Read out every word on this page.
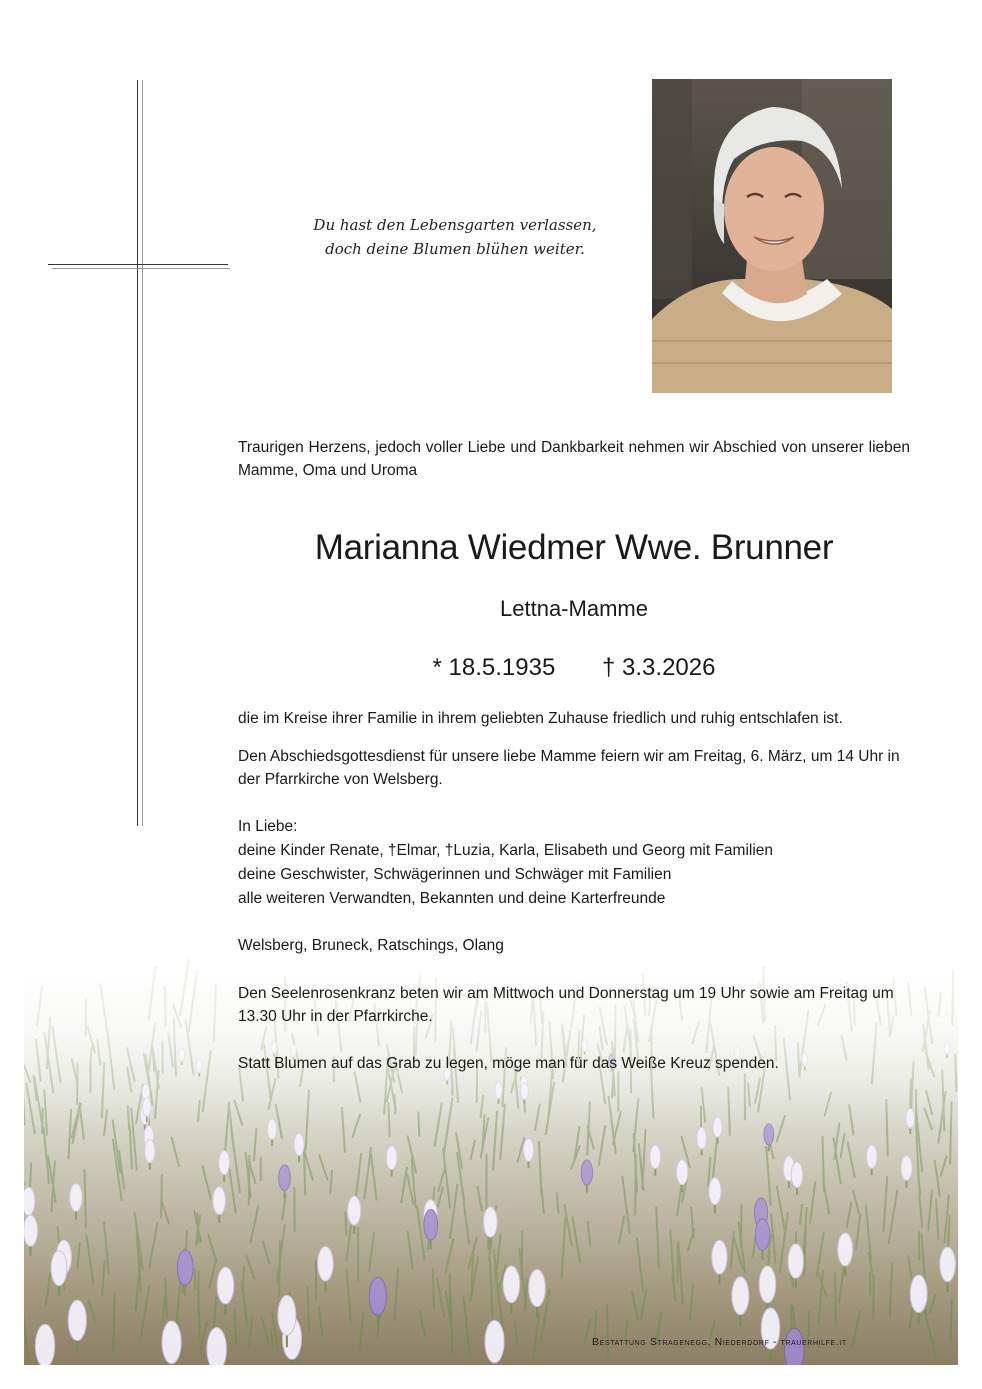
Du hast den Lebensgarten verlassen,
doch deine Blumen blühen weiter.
Traurigen Herzens, jedoch voller Liebe und Dankbarkeit nehmen wir Abschied von unserer lieben Mamme, Oma und Uroma
Marianna Wiedmer Wwe. Brunner
Lettna-Mamme
* 18.5.1935 † 3.3.2026
die im Kreise ihrer Familie in ihrem geliebten Zuhause friedlich und ruhig entschlafen ist.
Den Abschiedsgottesdienst für unsere liebe Mamme feiern wir am Freitag, 6. März, um 14 Uhr in der Pfarrkirche von Welsberg.
In Liebe:
deine Kinder Renate, †Elmar, †Luzia, Karla, Elisabeth und Georg mit Familien
deine Geschwister, Schwägerinnen und Schwäger mit Familien
alle weiteren Verwandten, Bekannten und deine Karterfreunde
Welsberg, Bruneck, Ratschings, Olang
Den Seelenrosenkranz beten wir am Mittwoch und Donnerstag um 19 Uhr sowie am Freitag um 13.30 Uhr in der Pfarrkirche.
Statt Blumen auf das Grab zu legen, möge man für das Weiße Kreuz spenden.
Bestattung Stragenegg, Niederdorf - trauerhilfe.it
